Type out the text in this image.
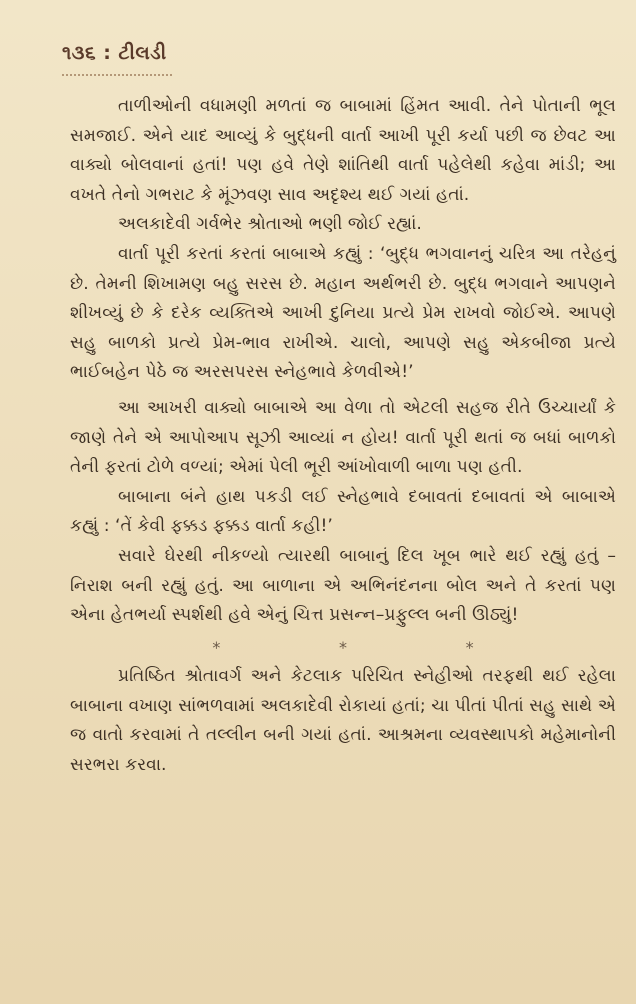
૧૩૬ : ટીલડી

તાળીઓની વધામણી મળતાં જ બાબામાં હિંમત આવી. તેને પોતાની ભૂલ સમજાઈ. એને યાદ આવ્યું કે બુદ્ધની વાર્તા આખી પૂરી કર્યા પછી જ છેવટ આ વાક્યો બોલવાનાં હતાં! પણ હવે તેણે શાંતિથી વાર્તા પહેલેથી કહેવા માંડી; આ વખતે તેનો ગભરાટ કે મૂંઝવણ સાવ અદૃશ્ય થઈ ગયાં હતાં.

અલકાદેવી ગર્વભેર શ્રોતાઓ ભણી જોઈ રહ્યાં.

વાર્તા પૂરી કરતાં કરતાં બાબાએ કહ્યું : ‘બુદ્ધ ભગવાનનું ચરિત્ર આ તરેહનું છે. તેમની શિખામણ બહુ સરસ છે. મહાન અર્થભરી છે. બુદ્ધ ભગવાને આપણને શીખવ્યું છે કે દરેક વ્યક્તિએ આખી દુનિયા પ્રત્યે પ્રેમ રાખવો જોઈએ. આપણે સહુ બાળકો પ્રત્યે પ્રેમ-ભાવ રાખીએ. ચાલો, આપણે સહુ એકબીજા પ્રત્યે ભાઈબહેન પેઠે જ અરસપરસ સ્નેહભાવે કેળવીએ!’

આ આખરી વાક્યો બાબાએ આ વેળા તો એટલી સહજ રીતે ઉચ્ચાર્યાં કે જાણે તેને એ આપોઆપ સૂઝી આવ્યાં ન હોય! વાર્તા પૂરી થતાં જ બધાં બાળકો તેની ફરતાં ટોળે વળ્યાં; એમાં પેલી ભૂરી આંખોવાળી બાળા પણ હતી.

બાબાના બંને હાથ પકડી લઈ સ્નેહભાવે દબાવતાં દબાવતાં એ બાબાએ કહ્યું : ‘તેં કેવી ફક્કડ ફક્કડ વાર્તા કહી!’

સવારે ઘેરથી નીકળ્યો ત્યારથી બાબાનું દિલ ખૂબ ભારે થઈ રહ્યું હતું – નિરાશ બની રહ્યું હતું. આ બાળાના એ અભિનંદનના બોલ અને તે કરતાં પણ એના હેતભર્યા સ્પર્શથી હવે એનું ચિત્ત પ્રસન્ન–પ્રફુલ્લ બની ઊઠ્યું!

*	*	*

પ્રતિષ્ઠિત શ્રોતાવર્ગ અને કેટલાક પરિચિત સ્નેહીઓ તરફથી થઈ રહેલા બાબાના વખાણ સાંભળવામાં અલકાદેવી રોકાયાં હતાં; ચા પીતાં પીતાં સહુ સાથે એ જ વાતો કરવામાં તે તલ્લીન બની ગયાં હતાં. આશ્રમના વ્યવસ્થાપકો મહેમાનોની સરભરા કરવા.
